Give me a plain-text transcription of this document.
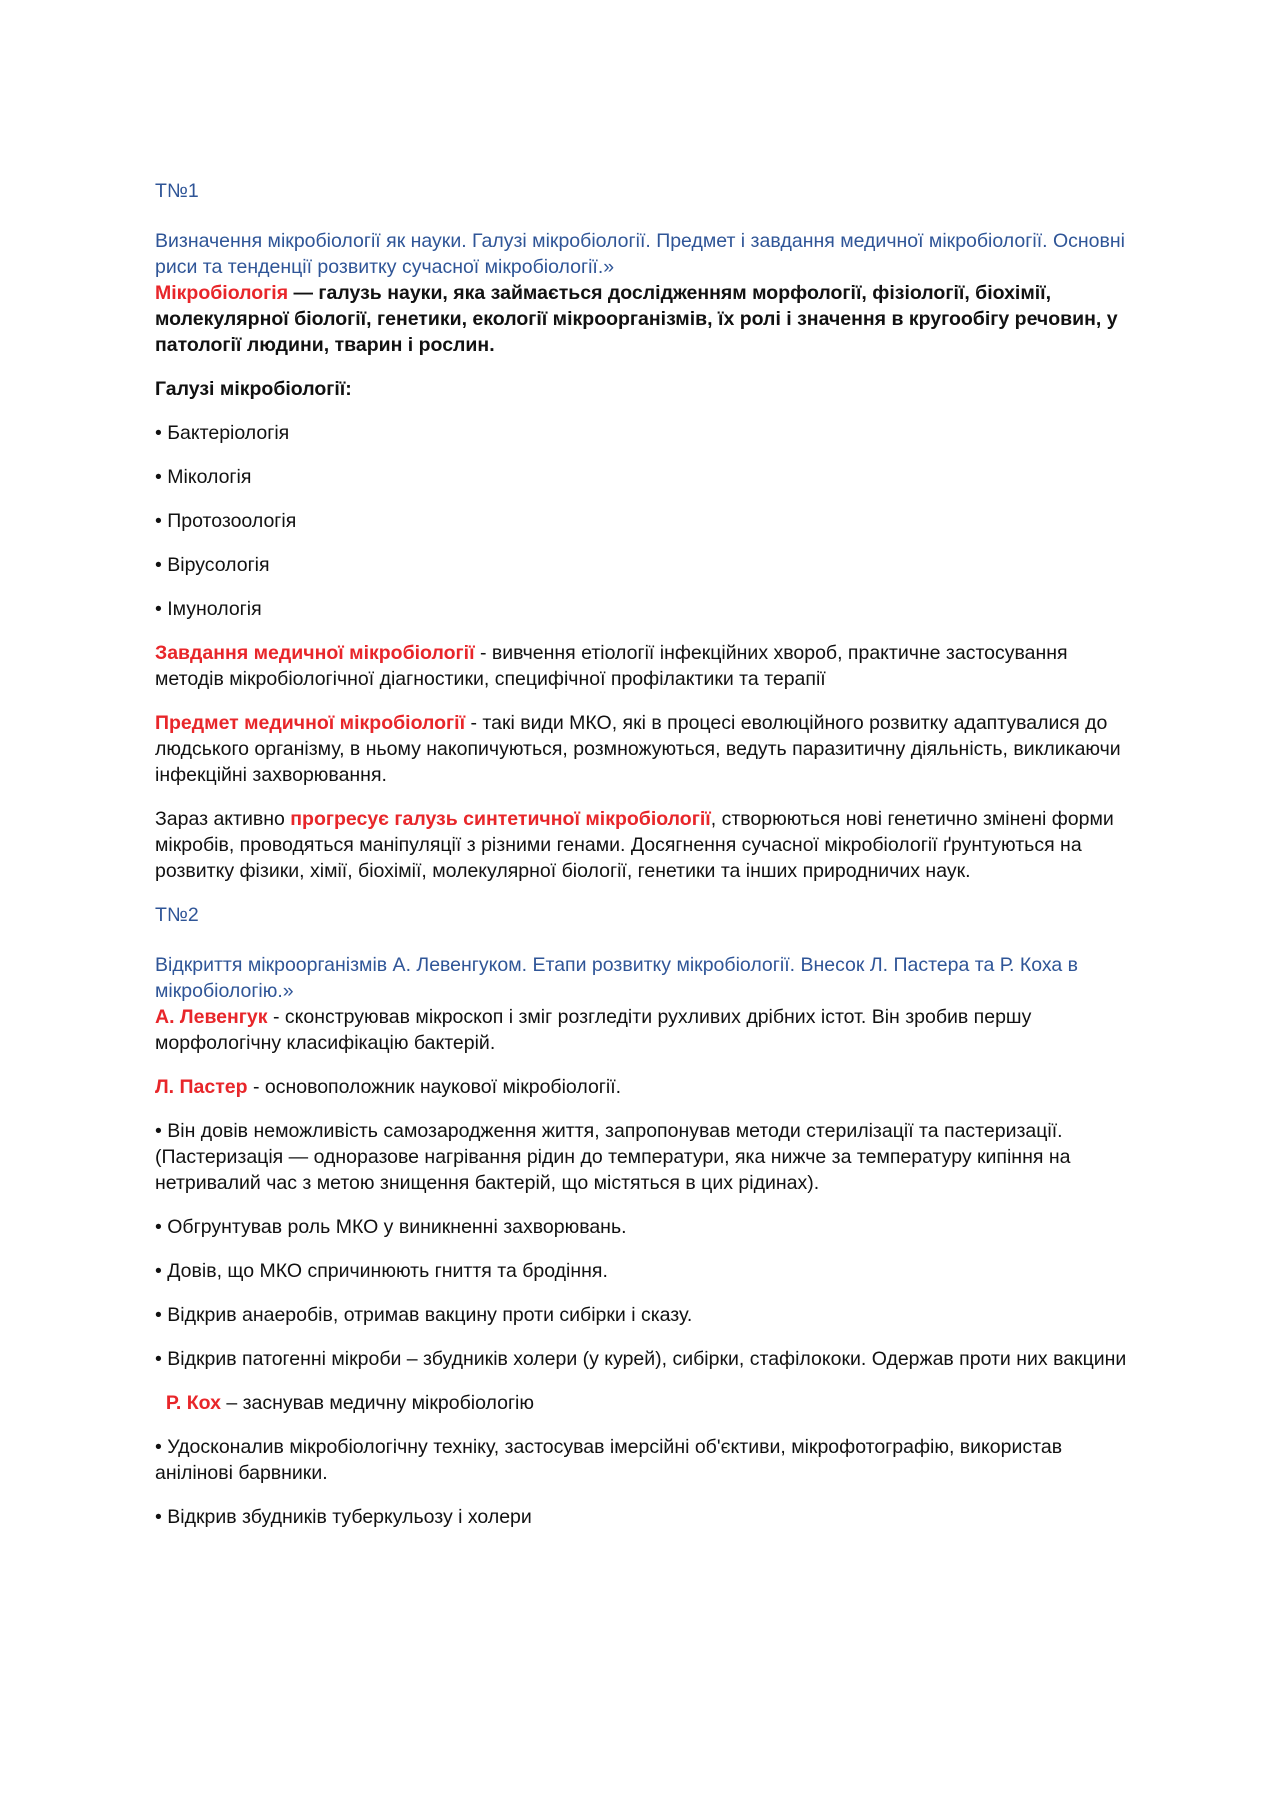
Т№1

Визначення мікробіології як науки. Галузі мікробіології. Предмет і завдання медичної мікробіології. Основні риси та тенденції розвитку сучасної мікробіології.»

Мікробіологія — галузь науки, яка займається дослідженням морфології, фізіології, біохімії, молекулярної біології, генетики, екології мікроорганізмів, їх ролі і значення в кругообігу речовин, у патології людини, тварин і рослин.

Галузі мікробіології:

• Бактеріологія

• Мікологія

• Протозоологія

• Вірусологія

• Імунологія

Завдання медичної мікробіології - вивчення етіології інфекційних хвороб, практичне застосування методів мікробіологічної діагностики, специфічної профілактики та терапії

Предмет медичної мікробіології - такі види МКО, які в процесі еволюційного розвитку адаптувалися до людського організму, в ньому накопичуються, розмножуються, ведуть паразитичну діяльність, викликаючи інфекційні захворювання.

Зараз активно прогресує галузь синтетичної мікробіології, створюються нові генетично змінені форми мікробів, проводяться маніпуляції з різними генами. Досягнення сучасної мікробіології ґрунтуються на розвитку фізики, хімії, біохімії, молекулярної біології, генетики та інших природничих наук.

Т№2

Відкриття мікроорганізмів А. Левенгуком. Етапи розвитку мікробіології. Внесок Л. Пастера та Р. Коха в мікробіологію.»

А. Левенгук - сконструював мікроскоп і зміг розгледіти рухливих дрібних істот. Він зробив першу морфологічну класифікацію бактерій.

Л. Пастер - основоположник наукової мікробіології.

• Він довів неможливість самозародження життя, запропонував методи стерилізації та пастеризації. (Пастеризація — одноразове нагрівання рідин до температури, яка нижче за температуру кипіння на нетривалий час з метою знищення бактерій, що містяться в цих рідинах).

• Обгрунтував роль МКО у виникненні захворювань.

• Довів, що МКО спричинюють гниття та бродіння.

• Відкрив анаеробів, отримав вакцину проти сибірки і сказу.

• Відкрив патогенні мікроби – збудників холери (у курей), сибірки, стафілококи. Одержав проти них вакцини

Р. Кох – заснував медичну мікробіологію

• Удосконалив мікробіологічну техніку, застосував імерсійні об'єктиви, мікрофотографію, використав анілінові барвники.

• Відкрив збудників туберкульозу і холери
